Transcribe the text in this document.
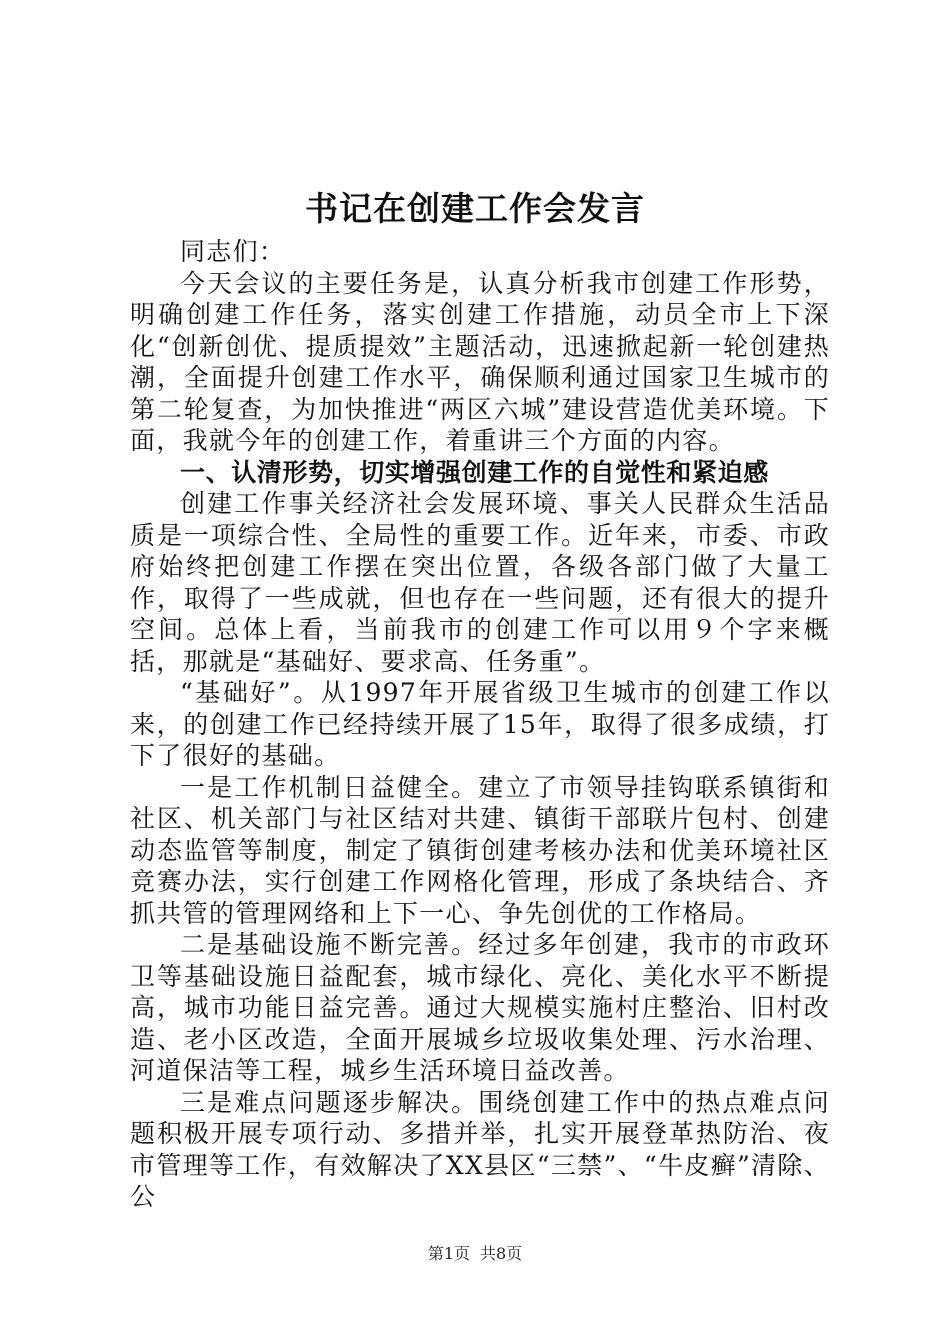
书记在创建工作会发言

同志们：

今天会议的主要任务是，认真分析我市创建工作形势，明确创建工作任务，落实创建工作措施，动员全市上下深化“创新创优、提质提效”主题活动，迅速掀起新一轮创建热潮，全面提升创建工作水平，确保顺利通过国家卫生城市的第二轮复查，为加快推进“两区六城”建设营造优美环境。下面，我就今年的创建工作，着重讲三个方面的内容。

一、认清形势，切实增强创建工作的自觉性和紧迫感

创建工作事关经济社会发展环境、事关人民群众生活品质是一项综合性、全局性的重要工作。近年来，市委、市政府始终把创建工作摆在突出位置，各级各部门做了大量工作，取得了一些成就，但也存在一些问题，还有很大的提升空间。总体上看，当前我市的创建工作可以用９个字来概括，那就是“基础好、要求高、任务重”。

“基础好”。从1997年开展省级卫生城市的创建工作以来，的创建工作已经持续开展了15年，取得了很多成绩，打下了很好的基础。

一是工作机制日益健全。建立了市领导挂钩联系镇街和社区、机关部门与社区结对共建、镇街干部联片包村、创建动态监管等制度，制定了镇街创建考核办法和优美环境社区竞赛办法，实行创建工作网格化管理，形成了条块结合、齐抓共管的管理网络和上下一心、争先创优的工作格局。

二是基础设施不断完善。经过多年创建，我市的市政环卫等基础设施日益配套，城市绿化、亮化、美化水平不断提高，城市功能日益完善。通过大规模实施村庄整治、旧村改造、老小区改造，全面开展城乡垃圾收集处理、污水治理、河道保洁等工程，城乡生活环境日益改善。

三是难点问题逐步解决。围绕创建工作中的热点难点问题积极开展专项行动、多措并举，扎实开展登革热防治、夜市管理等工作，有效解决了XX县区“三禁”、“牛皮癣”清除、公

第1页 共8页
